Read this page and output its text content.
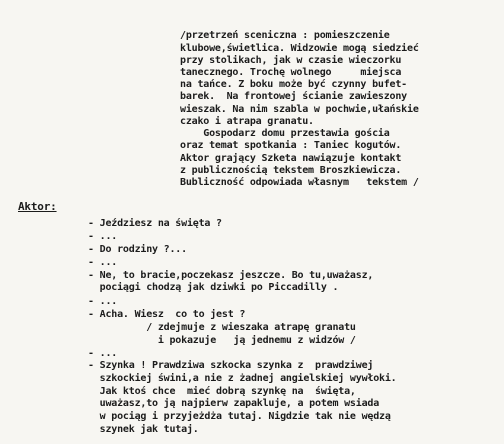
/przetrzeń sceniczna : pomieszczenie
klubowe,świetlica. Widzowie mogą siedzieć
przy stolikach, jak w czasie wieczorku
tanecznego. Trochę wolnego     miejsca
na tańce. Z boku może być czynny bufet-
barek.  Na frontowej ścianie zawieszony
wieszak. Na nim szabla w pochwie,ułańskie
czako i atrapa granatu.
Gospodarz domu przestawia gościa
oraz temat spotkania : Taniec kogutów.
Aktor grający Szketa nawiązuje kontakt
z publicznością tekstem Broszkiewicza.
Bubliczność odpowiada własnym   tekstem /
Aktor:
- Jeździesz na święta ?
- ...
- Do rodziny ?...
- ...
- Ne, to bracie,poczekasz jeszcze. Bo tu,uważasz,
pociągi chodzą jak dziwki po Piccadilly .
- ...
- Acha. Wiesz  co to jest ?
/ zdejmuje z wieszaka atrapę granatu
i pokazuje   ją jednemu z widzów /
- ...
- Szynka ! Prawdziwa szkocka szynka z  prawdziwej
szkockiej świni,a nie z żadnej angielskiej wywłoki.
Jak ktoś chce  mieć dobrą szynkę na  święta,
uważasz,to ją najpierw zapakluje, a potem wsiada
w pociąg i przyjeżdża tutaj. Nigdzie tak nie wędzą
szynek jak tutaj.
